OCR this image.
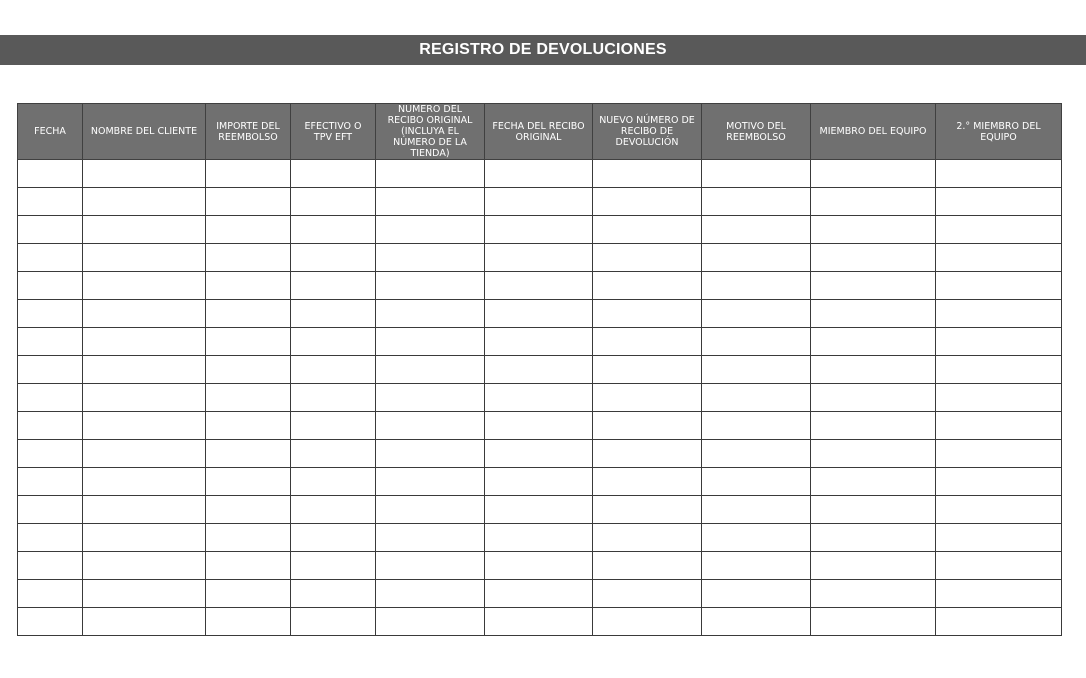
REGISTRO DE DEVOLUCIONES
FECHA	NOMBRE DEL CLIENTE	IMPORTE DEL REEMBOLSO	EFECTIVO O TPV EFT	NÚMERO DEL RECIBO ORIGINAL (INCLUYA EL NÚMERO DE LA TIENDA)	FECHA DEL RECIBO ORIGINAL	NUEVO NÚMERO DE RECIBO DE DEVOLUCIÓN	MOTIVO DEL REEMBOLSO	MIEMBRO DEL EQUIPO	2.° MIEMBRO DEL EQUIPO
